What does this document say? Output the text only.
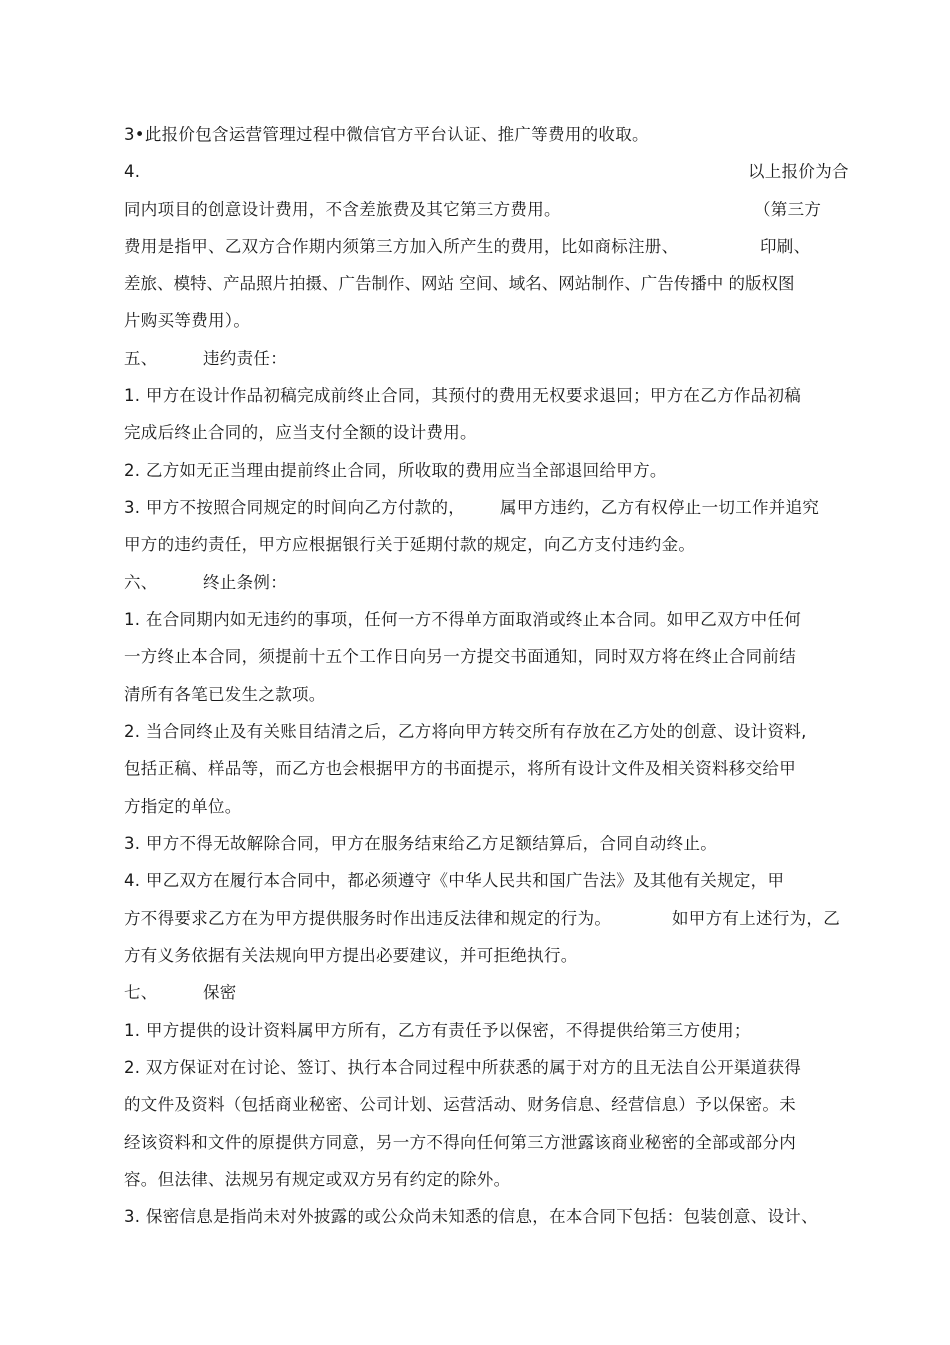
3•此报价包含运营管理过程中微信官方平台认证、推广等费用的收取。
4.	以上报价为合
同内项目的创意设计费用，不含差旅费及其它第三方费用。	（第三方
费用是指甲、乙双方合作期内须第三方加入所产生的费用，比如商标注册、	印刷、
差旅、模特、产品照片拍摄、广告制作、网站 空间、域名、网站制作、广告传播中 的版权图
片购买等费用）。
五、	违约责任：
1. 甲方在设计作品初稿完成前终止合同，其预付的费用无权要求退回；甲方在乙方作品初稿
完成后终止合同的，应当支付全额的设计费用。
2. 乙方如无正当理由提前终止合同，所收取的费用应当全部退回给甲方。
3. 甲方不按照合同规定的时间向乙方付款的， 属甲方违约，乙方有权停止一切工作并追究
甲方的违约责任，甲方应根据银行关于延期付款的规定，向乙方支付违约金。
六、	终止条例：
1. 在合同期内如无违约的事项，任何一方不得单方面取消或终止本合同。如甲乙双方中任何
一方终止本合同，须提前十五个工作日向另一方提交书面通知，同时双方将在终止合同前结
清所有各笔已发生之款项。
2. 当合同终止及有关账目结清之后，乙方将向甲方转交所有存放在乙方处的创意、设计资料,
包括正稿、样品等，而乙方也会根据甲方的书面提示，将所有设计文件及相关资料移交给甲
方指定的单位。
3. 甲方不得无故解除合同，甲方在服务结束给乙方足额结算后，合同自动终止。
4. 甲乙双方在履行本合同中，都必须遵守《中华人民共和国广告法》及其他有关规定，甲
方不得要求乙方在为甲方提供服务时作出违反法律和规定的行为。	如甲方有上述行为，乙
方有义务依据有关法规向甲方提出必要建议，并可拒绝执行。
七、	保密
1. 甲方提供的设计资料属甲方所有，乙方有责任予以保密，不得提供给第三方使用；
2. 双方保证对在讨论、签订、执行本合同过程中所获悉的属于对方的且无法自公开渠道获得
的文件及资料（包括商业秘密、公司计划、运营活动、财务信息、经营信息）予以保密。未
经该资料和文件的原提供方同意，另一方不得向任何第三方泄露该商业秘密的全部或部分内
容。但法律、法规另有规定或双方另有约定的除外。
3. 保密信息是指尚未对外披露的或公众尚未知悉的信息，在本合同下包括：包装创意、设计、
